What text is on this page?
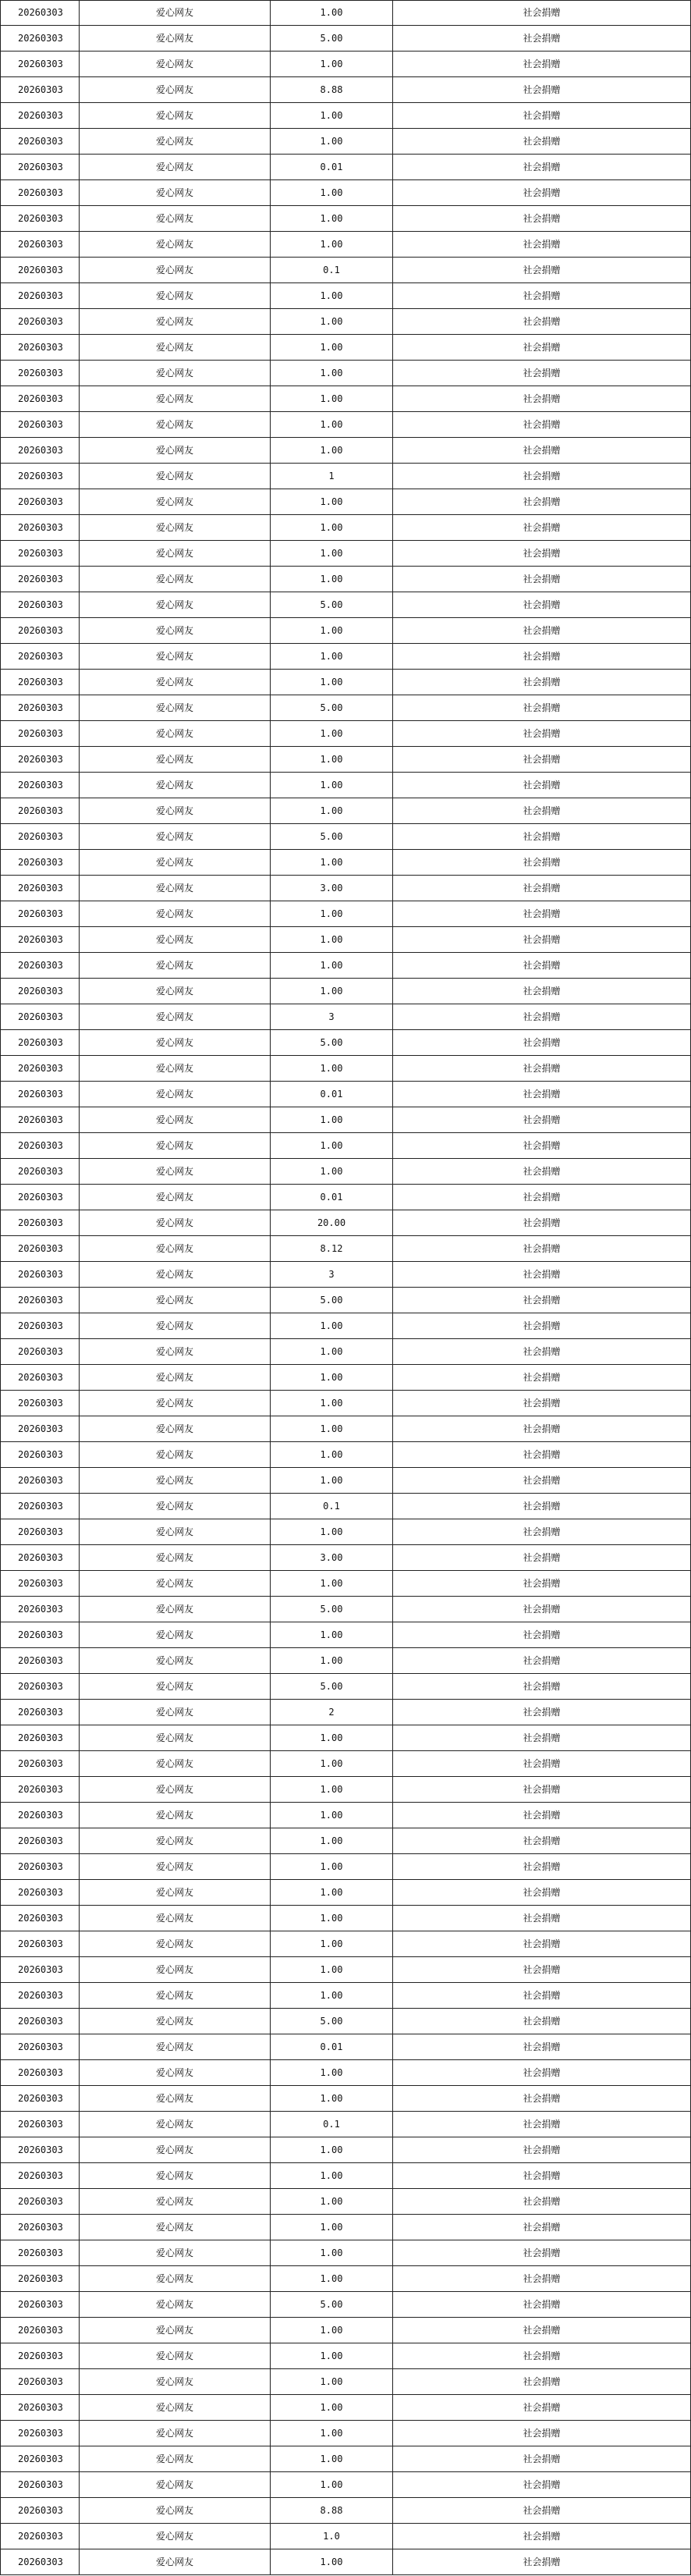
20260303	爱心网友	1.00	社会捐赠
20260303	爱心网友	5.00	社会捐赠
20260303	爱心网友	1.00	社会捐赠
20260303	爱心网友	8.88	社会捐赠
20260303	爱心网友	1.00	社会捐赠
20260303	爱心网友	1.00	社会捐赠
20260303	爱心网友	0.01	社会捐赠
20260303	爱心网友	1.00	社会捐赠
20260303	爱心网友	1.00	社会捐赠
20260303	爱心网友	1.00	社会捐赠
20260303	爱心网友	0.1	社会捐赠
20260303	爱心网友	1.00	社会捐赠
20260303	爱心网友	1.00	社会捐赠
20260303	爱心网友	1.00	社会捐赠
20260303	爱心网友	1.00	社会捐赠
20260303	爱心网友	1.00	社会捐赠
20260303	爱心网友	1.00	社会捐赠
20260303	爱心网友	1.00	社会捐赠
20260303	爱心网友	1	社会捐赠
20260303	爱心网友	1.00	社会捐赠
20260303	爱心网友	1.00	社会捐赠
20260303	爱心网友	1.00	社会捐赠
20260303	爱心网友	1.00	社会捐赠
20260303	爱心网友	5.00	社会捐赠
20260303	爱心网友	1.00	社会捐赠
20260303	爱心网友	1.00	社会捐赠
20260303	爱心网友	1.00	社会捐赠
20260303	爱心网友	5.00	社会捐赠
20260303	爱心网友	1.00	社会捐赠
20260303	爱心网友	1.00	社会捐赠
20260303	爱心网友	1.00	社会捐赠
20260303	爱心网友	1.00	社会捐赠
20260303	爱心网友	5.00	社会捐赠
20260303	爱心网友	1.00	社会捐赠
20260303	爱心网友	3.00	社会捐赠
20260303	爱心网友	1.00	社会捐赠
20260303	爱心网友	1.00	社会捐赠
20260303	爱心网友	1.00	社会捐赠
20260303	爱心网友	1.00	社会捐赠
20260303	爱心网友	3	社会捐赠
20260303	爱心网友	5.00	社会捐赠
20260303	爱心网友	1.00	社会捐赠
20260303	爱心网友	0.01	社会捐赠
20260303	爱心网友	1.00	社会捐赠
20260303	爱心网友	1.00	社会捐赠
20260303	爱心网友	1.00	社会捐赠
20260303	爱心网友	0.01	社会捐赠
20260303	爱心网友	20.00	社会捐赠
20260303	爱心网友	8.12	社会捐赠
20260303	爱心网友	3	社会捐赠
20260303	爱心网友	5.00	社会捐赠
20260303	爱心网友	1.00	社会捐赠
20260303	爱心网友	1.00	社会捐赠
20260303	爱心网友	1.00	社会捐赠
20260303	爱心网友	1.00	社会捐赠
20260303	爱心网友	1.00	社会捐赠
20260303	爱心网友	1.00	社会捐赠
20260303	爱心网友	1.00	社会捐赠
20260303	爱心网友	0.1	社会捐赠
20260303	爱心网友	1.00	社会捐赠
20260303	爱心网友	3.00	社会捐赠
20260303	爱心网友	1.00	社会捐赠
20260303	爱心网友	5.00	社会捐赠
20260303	爱心网友	1.00	社会捐赠
20260303	爱心网友	1.00	社会捐赠
20260303	爱心网友	5.00	社会捐赠
20260303	爱心网友	2	社会捐赠
20260303	爱心网友	1.00	社会捐赠
20260303	爱心网友	1.00	社会捐赠
20260303	爱心网友	1.00	社会捐赠
20260303	爱心网友	1.00	社会捐赠
20260303	爱心网友	1.00	社会捐赠
20260303	爱心网友	1.00	社会捐赠
20260303	爱心网友	1.00	社会捐赠
20260303	爱心网友	1.00	社会捐赠
20260303	爱心网友	1.00	社会捐赠
20260303	爱心网友	1.00	社会捐赠
20260303	爱心网友	1.00	社会捐赠
20260303	爱心网友	5.00	社会捐赠
20260303	爱心网友	0.01	社会捐赠
20260303	爱心网友	1.00	社会捐赠
20260303	爱心网友	1.00	社会捐赠
20260303	爱心网友	0.1	社会捐赠
20260303	爱心网友	1.00	社会捐赠
20260303	爱心网友	1.00	社会捐赠
20260303	爱心网友	1.00	社会捐赠
20260303	爱心网友	1.00	社会捐赠
20260303	爱心网友	1.00	社会捐赠
20260303	爱心网友	1.00	社会捐赠
20260303	爱心网友	5.00	社会捐赠
20260303	爱心网友	1.00	社会捐赠
20260303	爱心网友	1.00	社会捐赠
20260303	爱心网友	1.00	社会捐赠
20260303	爱心网友	1.00	社会捐赠
20260303	爱心网友	1.00	社会捐赠
20260303	爱心网友	1.00	社会捐赠
20260303	爱心网友	1.00	社会捐赠
20260303	爱心网友	8.88	社会捐赠
20260303	爱心网友	1.0	社会捐赠
20260303	爱心网友	1.00	社会捐赠
